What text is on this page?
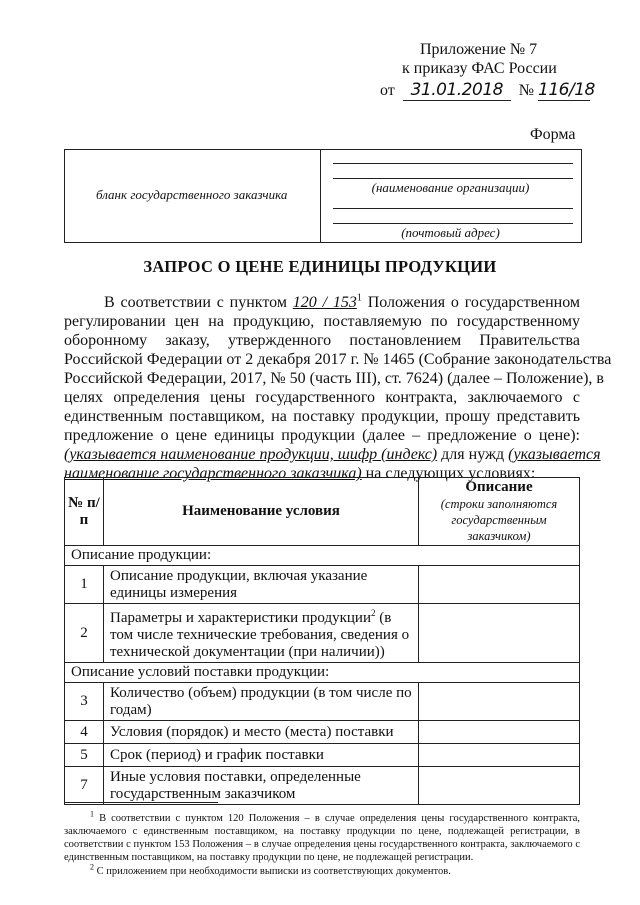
Приложение № 7
к приказу ФАС России
от 31.01.2018 № 116/18
Форма
(наименование организации)
(почтовый адрес)
бланк государственного заказчика
ЗАПРОС О ЦЕНЕ ЕДИНИЦЫ ПРОДУКЦИИ
В соответствии с пунктом $120 / 153^1$ Положения о государственном
регулировании цен на продукцию, поставляемую по государственному
оборонному заказу, утвержденного постановлением Правительства
Российской Федерации от 2 декабря 2017 г. № 1465 (Собрание законодательства
Российской Федерации, 2017, № 50 (часть III), ст. 7624) (далее – Положение), в
целях определения цены государственного контракта, заключаемого с
единственным поставщиком, на поставку продукции, прошу представить
предложение о цене единицы продукции (далее – предложение о цене):
(указывается наименование продукции, шифр (индекс) для нужд (указывается
наименование государственного заказчика) на следующих условиях:
№ п/п	Наименование условия	Описание
(строки заполняются государственным заказчиком)

Описание продукции:		
1	Описание продукции, включая указание единицы измерения	
2	Параметры и характеристики продукции$^2$ (в том числе технические требования, сведения о технической документации (при наличии))	
Описание условий поставки продукции:		
3	Количество (объем) продукции (в том числе по годам)	
4	Условия (порядок) и место (места) поставки	
5	Срок (период) и график поставки	
7	Иные условия поставки, определенные государственным заказчиком	
$^1$ В соответствии с пунктом 120 Положения – в случае определения цены государственного контракта, заключаемого с единственным поставщиком, на поставку продукции по цене, подлежащей регистрации, в соответствии с пунктом 153 Положения – в случае определения цены государственного контракта, заключаемого с единственным поставщиком, на поставку продукции по цене, не подлежащей регистрации.
$^2$ С приложением при необходимости выписки из соответствующих документов.
